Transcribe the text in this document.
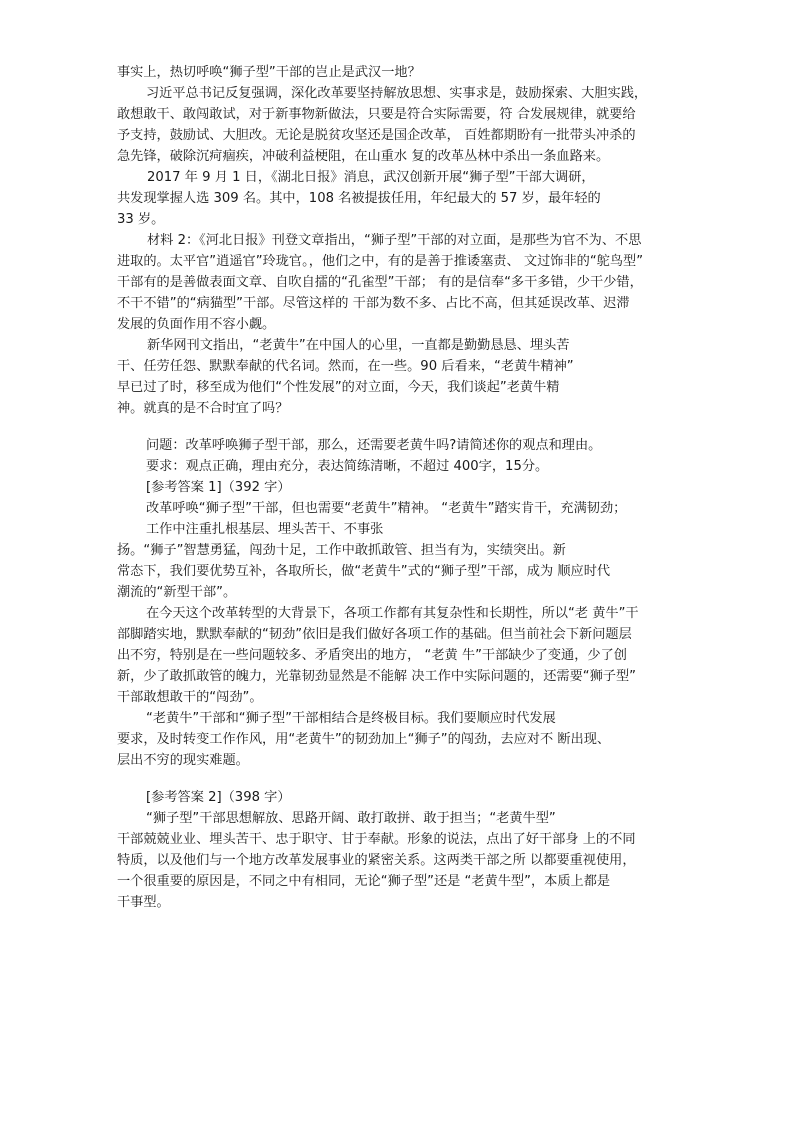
事实上，热切呼唤“狮子型”干部的岂止是武汉一地？
习近平总书记反复强调，深化改革要坚持解放思想、实事求是，鼓励探索、大胆实践，
敢想敢干、敢闯敢试，对于新事物新做法，只要是符合实际需要，符 合发展规律，就要给
予支持，鼓励试、大胆改。无论是脱贫攻坚还是国企改革， 百姓都期盼有一批带头冲杀的
急先锋，破除沉疴痼疾，冲破利益梗阻，在山重水 复的改革丛林中杀出一条血路来。
2017 年 9 月 1 日，《湖北日报》消息，武汉创新开展“狮子型”干部大调研，
共发现掌握人选 309 名。其中，108 名被提拔任用，年纪最大的 57 岁，最年轻的
33 岁。
材料 2：《河北日报》刊登文章指出，“狮子型”干部的对立面，是那些为官不为、不思
进取的。太平官”逍遥官”玲珑官。，他们之中，有的是善于推诿塞责、 文过饰非的“鸵鸟型”
干部有的是善做表面文章、自吹自擂的“孔雀型”干部； 有的是信奉“多干多错，少干少错，
不干不错”的“病猫型”干部。尽管这样的 干部为数不多、占比不高，但其延误改革、迟滞
发展的负面作用不容小觑。
新华网刊文指出，“老黄牛”在中国人的心里，一直都是勤勤恳恳、埋头苦
干、任劳任怨、默默奉献的代名词。然而，在一些。90 后看来，“老黄牛精神”
早已过了时，移至成为他们“个性发展”的对立面，今天，我们谈起”老黄牛精
神。就真的是不合时宜了吗？
问题：改革呼唤狮子型干部，那么，还需要老黄牛吗?请简述你的观点和理由。
要求：观点正确，理由充分，表达简练清晰，不超过 400字，15分。
[参考答案 1]（392 字）
改革呼唤“狮子型”干部，但也需要“老黄牛”精神。 “老黄牛”踏实肯干，充满韧劲；
工作中注重扎根基层、埋头苦干、不事张
扬。“狮子”智慧勇猛，闯劲十足，工作中敢抓敢管、担当有为，实绩突出。新
常态下，我们要优势互补，各取所长，做“老黄牛”式的“狮子型”干部，成为 顺应时代
潮流的“新型干部”。
在今天这个改革转型的大背景下，各项工作都有其复杂性和长期性，所以“老 黄牛”干
部脚踏实地，默默奉献的“韧劲”依旧是我们做好各项工作的基础。但当前社会下新问题层
出不穷，特别是在一些问题较多、矛盾突出的地方， “老黄 牛”干部缺少了变通，少了创
新，少了敢抓敢管的魄力，光靠韧劲显然是不能解 决工作中实际问题的，还需要“狮子型”
干部敢想敢干的“闯劲”。
“老黄牛”干部和“狮子型”干部相结合是终极目标。我们要顺应时代发展
要求，及时转变工作作风，用“老黄牛”的韧劲加上“狮子”的闯劲，去应对不 断出现、
层出不穷的现实难题。
[参考答案 2]（398 字）
“狮子型”干部思想解放、思路开阔、敢打敢拼、敢于担当；“老黄牛型”
干部兢兢业业、埋头苦干、忠于职守、甘于奉献。形象的说法，点出了好干部身 上的不同
特质，以及他们与一个地方改革发展事业的紧密关系。这两类干部之所 以都要重视使用，
一个很重要的原因是，不同之中有相同，无论“狮子型”还是 “老黄牛型”，本质上都是
干事型。
